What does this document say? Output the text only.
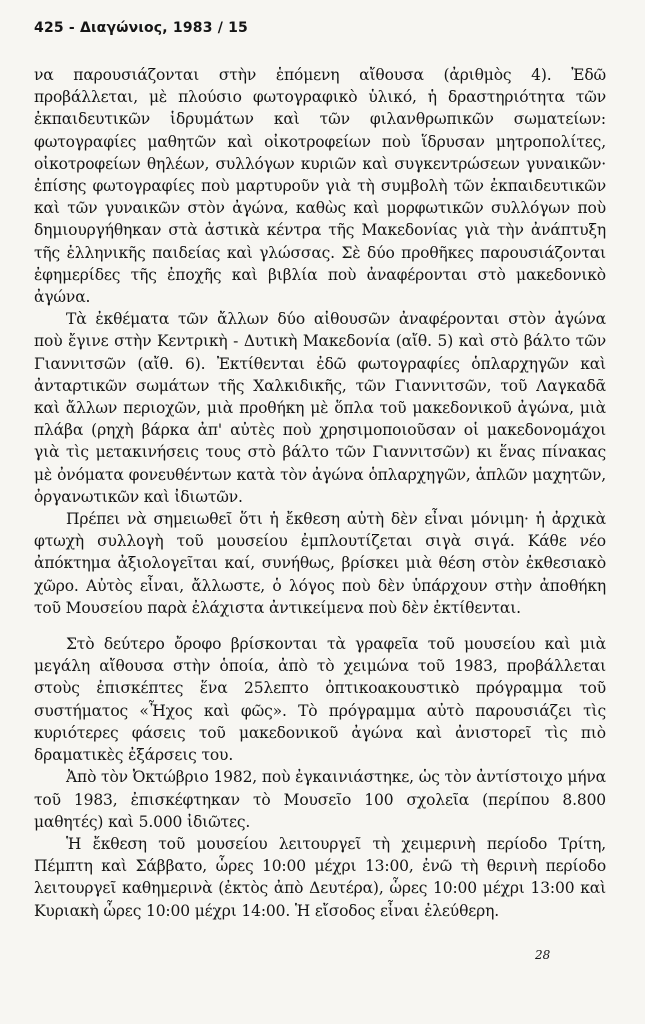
425 - Διαγώνιος, 1983 / 15

να παρουσιάζονται στὴν ἑπόμενη αἴθουσα (ἀριθμὸς 4). Ἐδῶ προβάλλεται, μὲ πλούσιο φωτογραφικὸ ὑλικό, ἡ δραστηριότητα τῶν ἐκπαιδευτικῶν ἱδρυμάτων καὶ τῶν φιλανθρωπικῶν σωματείων: φωτογραφίες μαθητῶν καὶ οἰκοτροφείων ποὺ ἵδρυσαν μητροπολίτες, οἰκοτροφείων θηλέων, συλλόγων κυριῶν καὶ συγκεντρώσεων γυναικῶν· ἐπίσης φωτογραφίες ποὺ μαρτυροῦν γιὰ τὴ συμβολὴ τῶν ἐκπαιδευτικῶν καὶ τῶν γυναικῶν στὸν ἀγώνα, καθὼς καὶ μορφωτικῶν συλλόγων ποὺ δημιουργήθηκαν στὰ ἀστικὰ κέντρα τῆς Μακεδονίας γιὰ τὴν ἀνάπτυξη τῆς ἑλληνικῆς παιδείας καὶ γλώσσας. Σὲ δύο προθῆκες παρουσιάζονται ἐφημερίδες τῆς ἐποχῆς καὶ βιβλία ποὺ ἀναφέρονται στὸ μακεδονικὸ ἀγώνα.

Τὰ ἐκθέματα τῶν ἄλλων δύο αἰθουσῶν ἀναφέρονται στὸν ἀγώνα ποὺ ἔγινε στὴν Κεντρικὴ - Δυτικὴ Μακεδονία (αἴθ. 5) καὶ στὸ βάλτο τῶν Γιαννιτσῶν (αἴθ. 6). Ἐκτίθενται ἐδῶ φωτογραφίες ὁπλαρχηγῶν καὶ ἀνταρτικῶν σωμάτων τῆς Χαλκιδικῆς, τῶν Γιαννιτσῶν, τοῦ Λαγκαδᾶ καὶ ἄλλων περιοχῶν, μιὰ προθήκη μὲ ὅπλα τοῦ μακεδονικοῦ ἀγώνα, μιὰ πλάβα (ρηχὴ βάρκα ἀπ' αὐτὲς ποὺ χρησιμοποιοῦσαν οἱ μακεδονομάχοι γιὰ τὶς μετακινήσεις τους στὸ βάλτο τῶν Γιαννιτσῶν) κι ἕνας πίνακας μὲ ὀνόματα φονευθέντων κατὰ τὸν ἀγώνα ὁπλαρχηγῶν, ἁπλῶν μαχητῶν, ὀργανωτικῶν καὶ ἰδιωτῶν.

Πρέπει νὰ σημειωθεῖ ὅτι ἡ ἔκθεση αὐτὴ δὲν εἶναι μόνιμη· ἡ ἀρχικὰ φτωχὴ συλλογὴ τοῦ μουσείου ἐμπλουτίζεται σιγὰ σιγά. Κάθε νέο ἀπόκτημα ἀξιολογεῖται καί, συνήθως, βρίσκει μιὰ θέση στὸν ἐκθεσιακὸ χῶρο. Αὐτὸς εἶναι, ἄλλωστε, ὁ λόγος ποὺ δὲν ὑπάρχουν στὴν ἀποθήκη τοῦ Μουσείου παρὰ ἐλάχιστα ἀντικείμενα ποὺ δὲν ἐκτίθενται.

Στὸ δεύτερο ὄροφο βρίσκονται τὰ γραφεῖα τοῦ μουσείου καὶ μιὰ μεγάλη αἴθουσα στὴν ὁποία, ἀπὸ τὸ χειμώνα τοῦ 1983, προβάλλεται στοὺς ἐπισκέπτες ἕνα 25λεπτο ὀπτικοακουστικὸ πρόγραμμα τοῦ συστήματος «Ἦχος καὶ φῶς». Τὸ πρόγραμμα αὐτὸ παρουσιάζει τὶς κυριότερες φάσεις τοῦ μακεδονικοῦ ἀγώνα καὶ ἀνιστορεῖ τὶς πιὸ δραματικὲς ἐξάρσεις του.

Ἀπὸ τὸν Ὀκτώβριο 1982, ποὺ ἐγκαινιάστηκε, ὡς τὸν ἀντίστοιχο μήνα τοῦ 1983, ἐπισκέφτηκαν τὸ Μουσεῖο 100 σχολεῖα (περίπου 8.800 μαθητές) καὶ 5.000 ἰδιῶτες.

Ἡ ἔκθεση τοῦ μουσείου λειτουργεῖ τὴ χειμερινὴ περίοδο Τρίτη, Πέμπτη καὶ Σάββατο, ὧρες 10:00 μέχρι 13:00, ἐνῶ τὴ θερινὴ περίοδο λειτουργεῖ καθημερινὰ (ἐκτὸς ἀπὸ Δευτέρα), ὧρες 10:00 μέχρι 13:00 καὶ Κυριακὴ ὧρες 10:00 μέχρι 14:00. Ἡ εἴσοδος εἶναι ἐλεύθερη.

28
